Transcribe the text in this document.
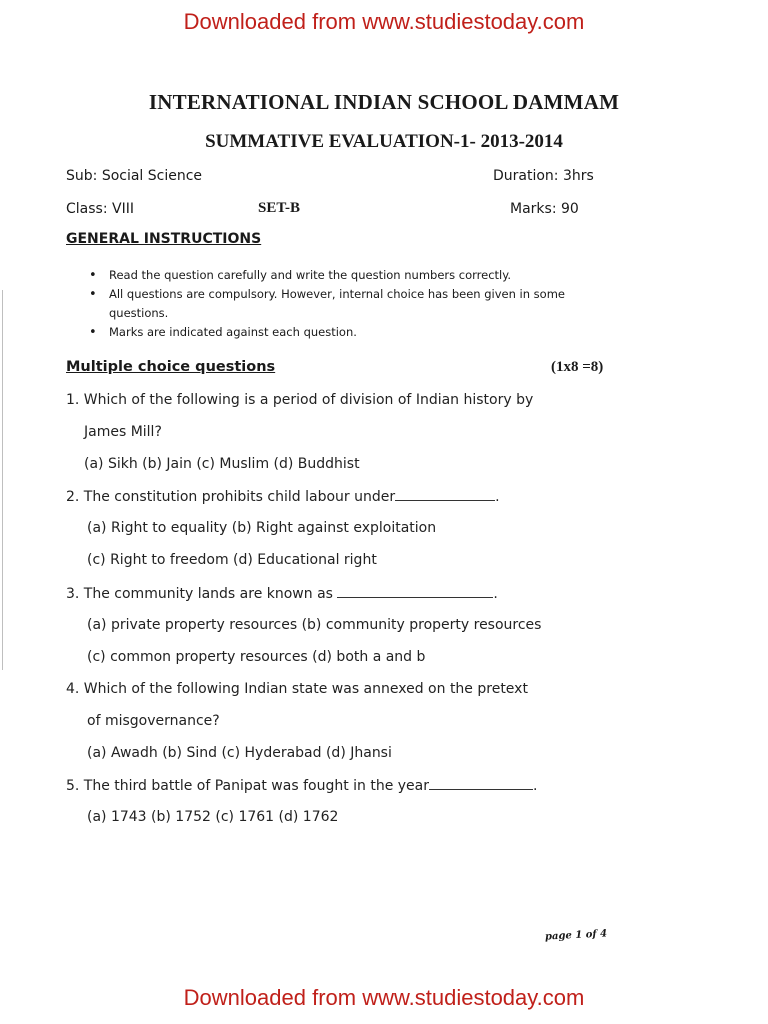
Downloaded from www.studiestoday.com
INTERNATIONAL INDIAN SCHOOL DAMMAM
SUMMATIVE EVALUATION-1- 2013-2014
Sub: Social Science	Duration: 3hrs
Class: VIII	SET-B	Marks: 90
GENERAL INSTRUCTIONS
• Read the question carefully and write the question numbers correctly.
• All questions are compulsory. However, internal choice has been given in some questions.
• Marks are indicated against each question.
Multiple choice questions	(1x8 =8)
1. Which of the following is a period of division of Indian history by
James Mill?
(a) Sikh (b) Jain (c) Muslim (d) Buddhist
2. The constitution prohibits child labour under	.
(a) Right to equality (b) Right against exploitation
(c) Right to freedom (d) Educational right
3. The community lands are known as	.
(a) private property resources (b) community property resources
(c) common property resources (d) both a and b
4. Which of the following Indian state was annexed on the pretext
of misgovernance?
(a) Awadh (b) Sind (c) Hyderabad (d) Jhansi
5. The third battle of Panipat was fought in the year	.
(a) 1743 (b) 1752 (c) 1761 (d) 1762
page 1 of 4
Downloaded from www.studiestoday.com
